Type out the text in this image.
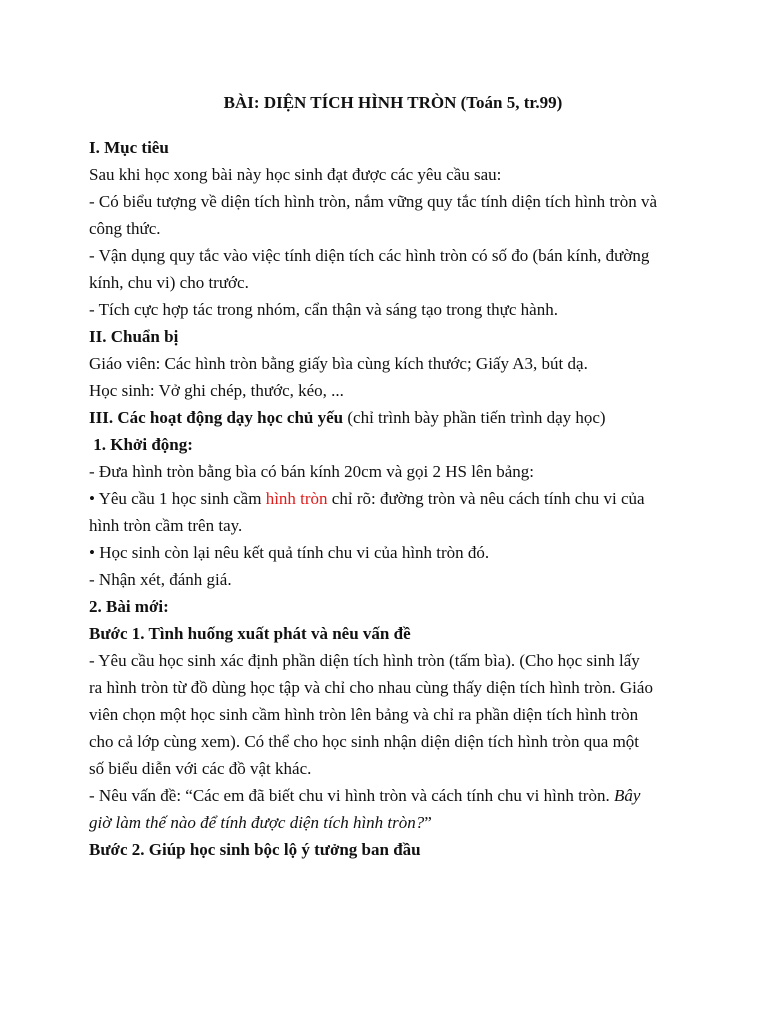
BÀI: DIỆN TÍCH HÌNH TRÒN (Toán 5, tr.99)

I. Mục tiêu

Sau khi học xong bài này học sinh đạt được các yêu cầu sau:

- Có biểu tượng về diện tích hình tròn, nắm vững quy tắc tính diện tích hình tròn và

công thức.

- Vận dụng quy tắc vào việc tính diện tích các hình tròn có số đo (bán kính, đường

kính, chu vi) cho trước.

- Tích cực hợp tác trong nhóm, cẩn thận và sáng tạo trong thực hành.

II. Chuẩn bị

Giáo viên: Các hình tròn bằng giấy bìa cùng kích thước; Giấy A3, bút dạ.

Học sinh: Vở ghi chép, thước, kéo, ...

III. Các hoạt động dạy học chủ yếu (chỉ trình bày phần tiến trình dạy học)

1. Khởi động:

- Đưa hình tròn bằng bìa có bán kính 20cm và gọi 2 HS lên bảng:

• Yêu cầu 1 học sinh cầm hình tròn chỉ rõ: đường tròn và nêu cách tính chu vi của

hình tròn cầm trên tay.

• Học sinh còn lại nêu kết quả tính chu vi của hình tròn đó.

- Nhận xét, đánh giá.

2. Bài mới:

Bước 1. Tình huống xuất phát và nêu vấn đề

- Yêu cầu học sinh xác định phần diện tích hình tròn (tấm bìa). (Cho học sinh lấy

ra hình tròn từ đồ dùng học tập và chỉ cho nhau cùng thấy diện tích hình tròn. Giáo

viên chọn một học sinh cầm hình tròn lên bảng và chỉ ra phần diện tích hình tròn

cho cả lớp cùng xem). Có thể cho học sinh nhận diện diện tích hình tròn qua một

số biểu diễn với các đồ vật khác.

- Nêu vấn đề: “Các em đã biết chu vi hình tròn và cách tính chu vi hình tròn. Bây

giờ làm thế nào để tính được diện tích hình tròn?”

Bước 2. Giúp học sinh bộc lộ ý tưởng ban đầu
